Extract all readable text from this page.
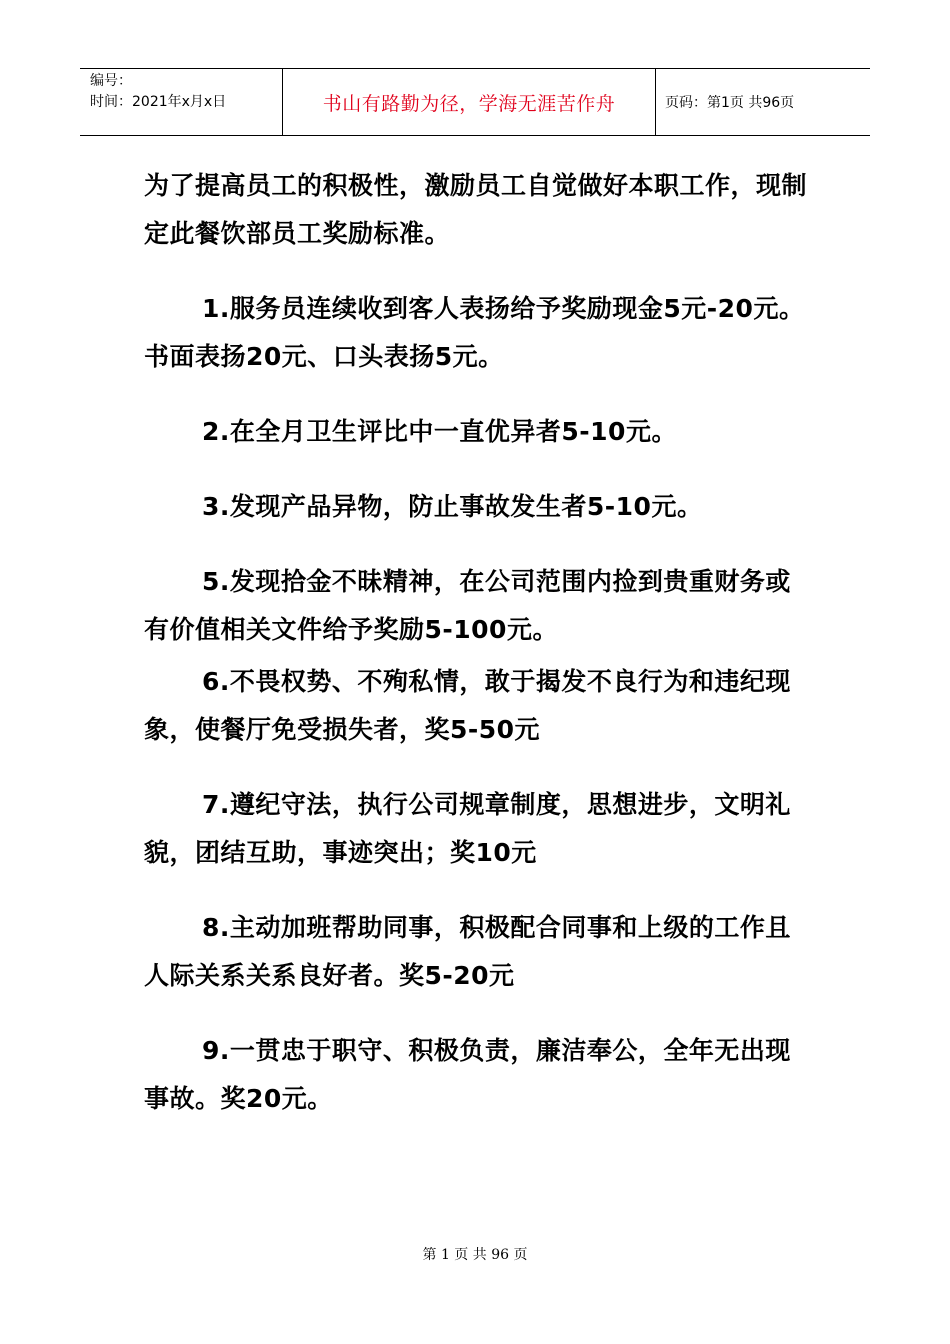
编号：
时间：2021年x月x日	书山有路勤为径，学海无涯苦作舟	页码：第1页 共96页

为了提高员工的积极性，激励员工自觉做好本职工作，现制定此餐饮部员工奖励标准。

1.服务员连续收到客人表扬给予奖励现金5元-20元。书面表扬20元、口头表扬5元。

2.在全月卫生评比中一直优异者5-10元。

3.发现产品异物，防止事故发生者5-10元。

5.发现拾金不昧精神，在公司范围内捡到贵重财务或有价值相关文件给予奖励5-100元。

6.不畏权势、不殉私情，敢于揭发不良行为和违纪现象，使餐厅免受损失者，奖5-50元

7.遵纪守法，执行公司规章制度，思想进步，文明礼貌，团结互助，事迹突出；奖10元

8.主动加班帮助同事，积极配合同事和上级的工作且人际关系关系良好者。奖5-20元

9.一贯忠于职守、积极负责，廉洁奉公，全年无出现事故。奖20元。

第 1 页 共 96 页
